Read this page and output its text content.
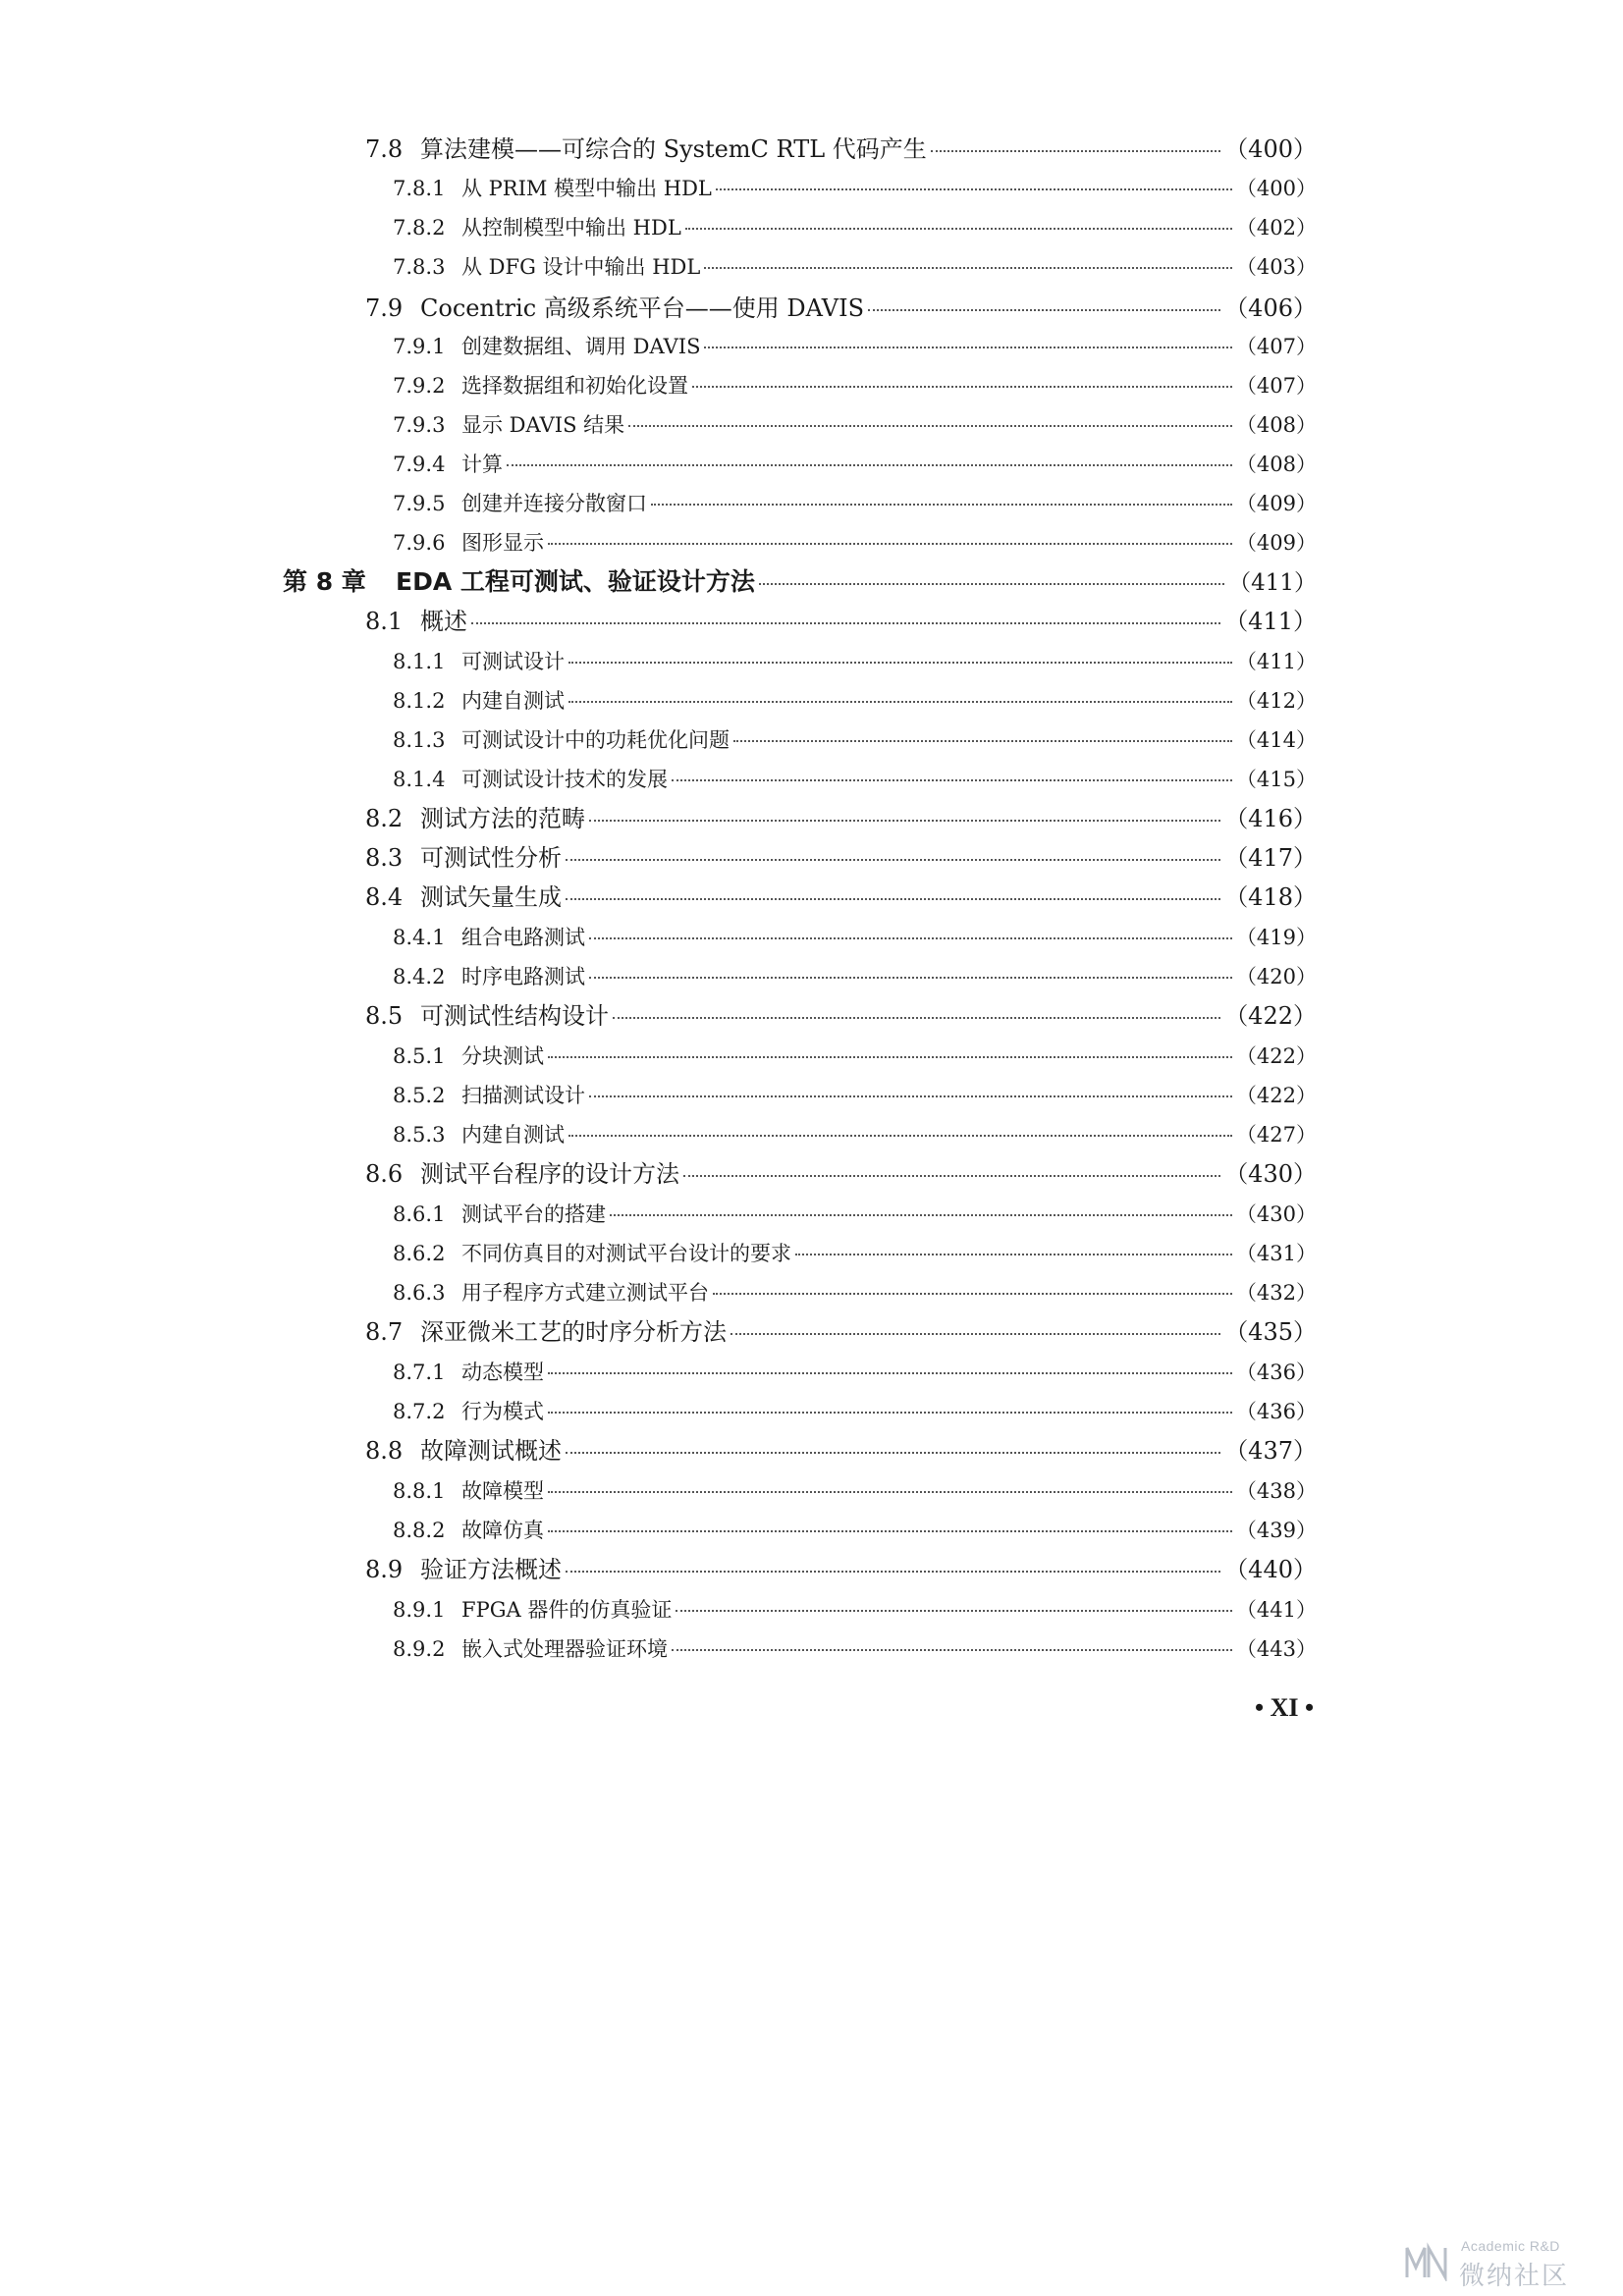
7.8 算法建模——可综合的 SystemC RTL 代码产生	（400）
7.8.1 从 PRIM 模型中输出 HDL	（400）
7.8.2 从控制模型中输出 HDL	（402）
7.8.3 从 DFG 设计中输出 HDL	（403）
7.9 Cocentric 高级系统平台——使用 DAVIS	（406）
7.9.1 创建数据组、调用 DAVIS	（407）
7.9.2 选择数据组和初始化设置	（407）
7.9.3 显示 DAVIS 结果	（408）
7.9.4 计算	（408）
7.9.5 创建并连接分散窗口	（409）
7.9.6 图形显示	（409）
第 8 章	EDA 工程可测试、验证设计方法	（411）
8.1 概述	（411）
8.1.1 可测试设计	（411）
8.1.2 内建自测试	（412）
8.1.3 可测试设计中的功耗优化问题	（414）
8.1.4 可测试设计技术的发展	（415）
8.2 测试方法的范畴	（416）
8.3 可测试性分析	（417）
8.4 测试矢量生成	（418）
8.4.1 组合电路测试	（419）
8.4.2 时序电路测试	（420）
8.5 可测试性结构设计	（422）
8.5.1 分块测试	（422）
8.5.2 扫描测试设计	（422）
8.5.3 内建自测试	（427）
8.6 测试平台程序的设计方法	（430）
8.6.1 测试平台的搭建	（430）
8.6.2 不同仿真目的对测试平台设计的要求	（431）
8.6.3 用子程序方式建立测试平台	（432）
8.7 深亚微米工艺的时序分析方法	（435）
8.7.1 动态模型	（436）
8.7.2 行为模式	（436）
8.8 故障测试概述	（437）
8.8.1 故障模型	（438）
8.8.2 故障仿真	（439）
8.9 验证方法概述	（440）
8.9.1 FPGA 器件的仿真验证	（441）
8.9.2 嵌入式处理器验证环境	（443）
• XI •
Academic R&D
微纳社区
